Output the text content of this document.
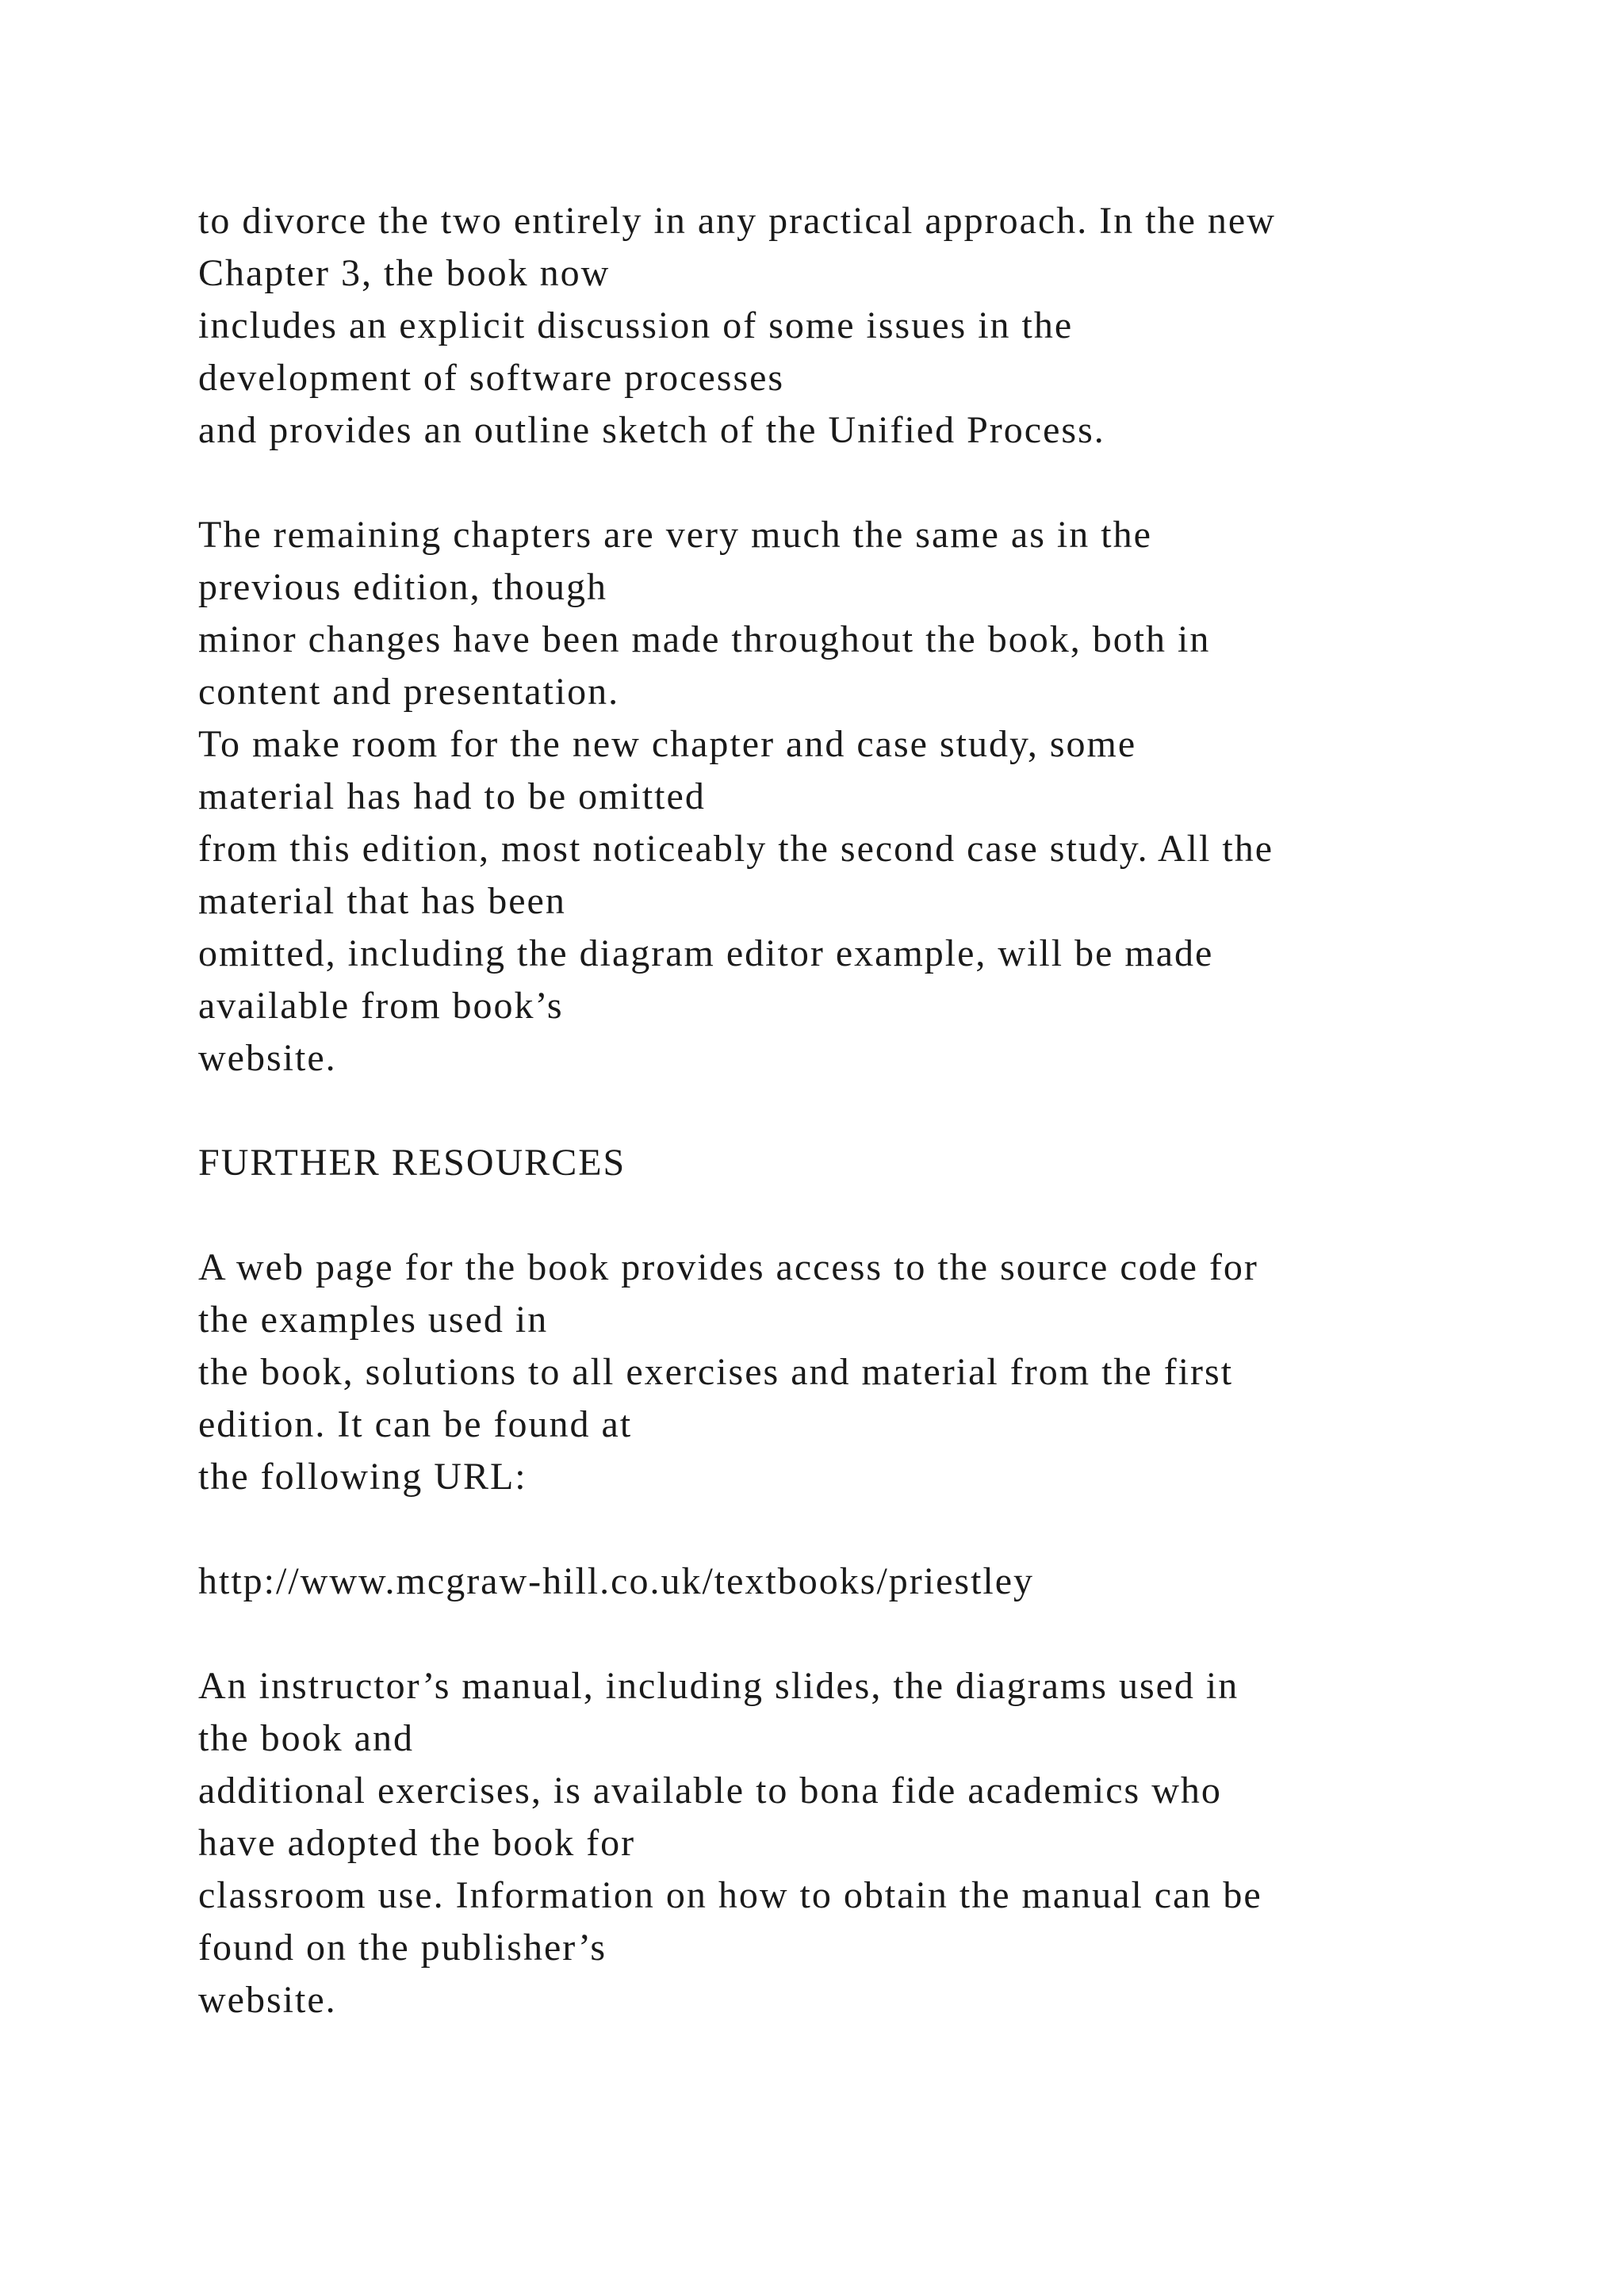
to divorce the two entirely in any practical approach. In the new
Chapter 3, the book now
includes an explicit discussion of some issues in the
development of software processes
and provides an outline sketch of the Unified Process.
The remaining chapters are very much the same as in the
previous edition, though
minor changes have been made throughout the book, both in
content and presentation.
To make room for the new chapter and case study, some
material has had to be omitted
from this edition, most noticeably the second case study. All the
material that has been
omitted, including the diagram editor example, will be made
available from book’s
website.
FURTHER RESOURCES
A web page for the book provides access to the source code for
the examples used in
the book, solutions to all exercises and material from the first
edition. It can be found at
the following URL:
http://www.mcgraw-hill.co.uk/textbooks/priestley
An instructor’s manual, including slides, the diagrams used in
the book and
additional exercises, is available to bona fide academics who
have adopted the book for
classroom use. Information on how to obtain the manual can be
found on the publisher’s
website.
